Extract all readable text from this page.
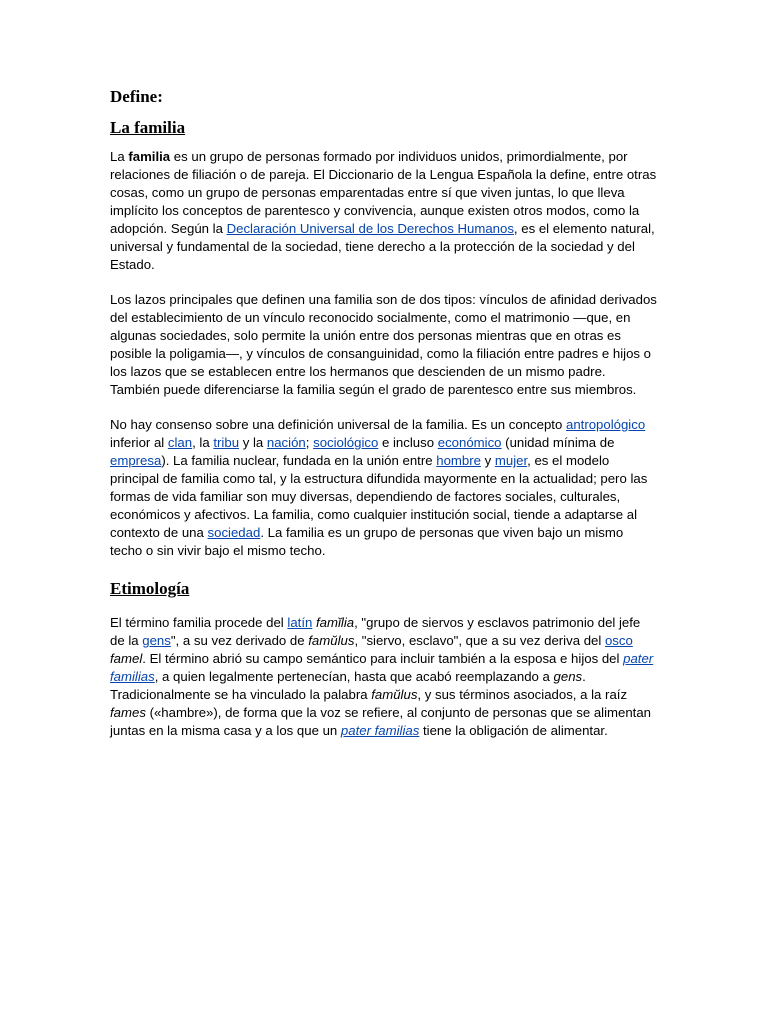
Define:
La familia

La familia es un grupo de personas formado por individuos unidos, primordialmente, por relaciones de filiación o de pareja. El Diccionario de la Lengua Española la define, entre otras cosas, como un grupo de personas emparentadas entre sí que viven juntas, lo que lleva implícito los conceptos de parentesco y convivencia, aunque existen otros modos, como la adopción. Según la Declaración Universal de los Derechos Humanos, es el elemento natural, universal y fundamental de la sociedad, tiene derecho a la protección de la sociedad y del Estado.

Los lazos principales que definen una familia son de dos tipos: vínculos de afinidad derivados del establecimiento de un vínculo reconocido socialmente, como el matrimonio —que, en algunas sociedades, solo permite la unión entre dos personas mientras que en otras es posible la poligamia—, y vínculos de consanguinidad, como la filiación entre padres e hijos o los lazos que se establecen entre los hermanos que descienden de un mismo padre. También puede diferenciarse la familia según el grado de parentesco entre sus miembros.

No hay consenso sobre una definición universal de la familia. Es un concepto antropológico inferior al clan, la tribu y la nación; sociológico e incluso económico (unidad mínima de empresa). La familia nuclear, fundada en la unión entre hombre y mujer, es el modelo principal de familia como tal, y la estructura difundida mayormente en la actualidad; pero las formas de vida familiar son muy diversas, dependiendo de factores sociales, culturales, económicos y afectivos. La familia, como cualquier institución social, tiende a adaptarse al contexto de una sociedad. La familia es un grupo de personas que viven bajo un mismo techo o sin vivir bajo el mismo techo.

Etimología

El término familia procede del latín famĭlia, "grupo de siervos y esclavos patrimonio del jefe de la gens", a su vez derivado de famŭlus, "siervo, esclavo", que a su vez deriva del osco famel. El término abrió su campo semántico para incluir también a la esposa e hijos del pater familias, a quien legalmente pertenecían, hasta que acabó reemplazando a gens. Tradicionalmente se ha vinculado la palabra famŭlus, y sus términos asociados, a la raíz fames («hambre»), de forma que la voz se refiere, al conjunto de personas que se alimentan juntas en la misma casa y a los que un pater familias tiene la obligación de alimentar.
